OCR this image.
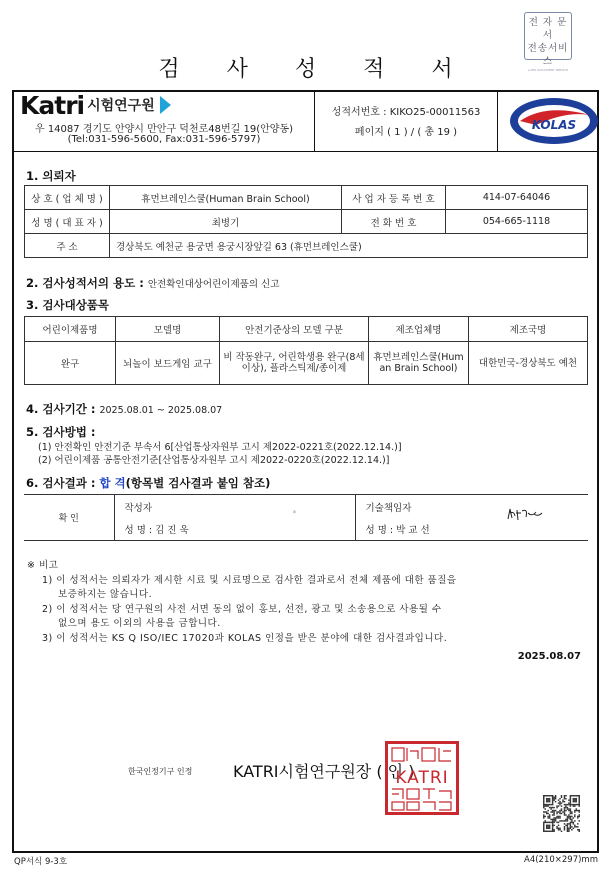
전 자 문 서
전송서비스
e-PPS DOCUMENT SERVICE
검 사 성 적 서
Katri 시험연구원
우 14087 경기도 안양시 만안구 덕천로48번길 19(안양동)
(Tel:031-596-5600, Fax:031-596-5797)
성적서번호 : KIKO25-00011563
페이지 ( 1 ) / ( 총 19 )
KOLAS
1. 의뢰자
상 호 ( 업 체 명 )	휴먼브레인스쿨(Human Brain School)	사 업 자 등 록 번 호	414-07-64046
성 명 ( 대 표 자 )	최병기	전 화 번 호	054-665-1118
주 소	경상북도 예천군 용궁면 용궁시장앞길 63 (휴먼브레인스쿨)		
2. 검사성적서의 용도 : 안전확인대상어린이제품의 신고
3. 검사대상품목
어린이제품명	모델명	안전기준상의 모델 구분	제조업체명	제조국명
완구	뇌놀이 보드게임 교구	비 작동완구, 어린학생용 완구(8세 이상), 플라스틱제/종이제	휴먼브레인스쿨(Human Brain School)	대한민국-경상북도 예천
4. 검사기간 : 2025.08.01 ~ 2025.08.07
5. 검사방법 :
(1) 안전확인 안전기준 부속서 6[산업통상자원부 고시 제2022-0221호(2022.12.14.)]
(2) 어린이제품 공통안전기준[산업통상자원부 고시 제2022-0220호(2022.12.14.)]
6. 검사결과 : 합 격(항목별 검사결과 붙임 참조)
확 인	
작성자
성 명 : 김 진 욱
*	기술책임자
성 명 : 박 교 선
※ 비고
1) 이 성적서는 의뢰자가 제시한 시료 및 시료명으로 검사한 결과로서 전체 제품에 대한 품질을
보증하지는 않습니다.
2) 이 성적서는 당 연구원의 사전 서면 동의 없이 홍보, 선전, 광고 및 소송용으로 사용될 수
없으며 용도 이외의 사용을 금합니다.
3) 이 성적서는 KS Q ISO/IEC 17020과 KOLAS 인정을 받은 분야에 대한 검사결과입니다.
2025.08.07
한국인정기구 인정	KATRI시험연구원장 ( 인 )
KATRI
QP서식 9-3호	A4(210×297)mm
